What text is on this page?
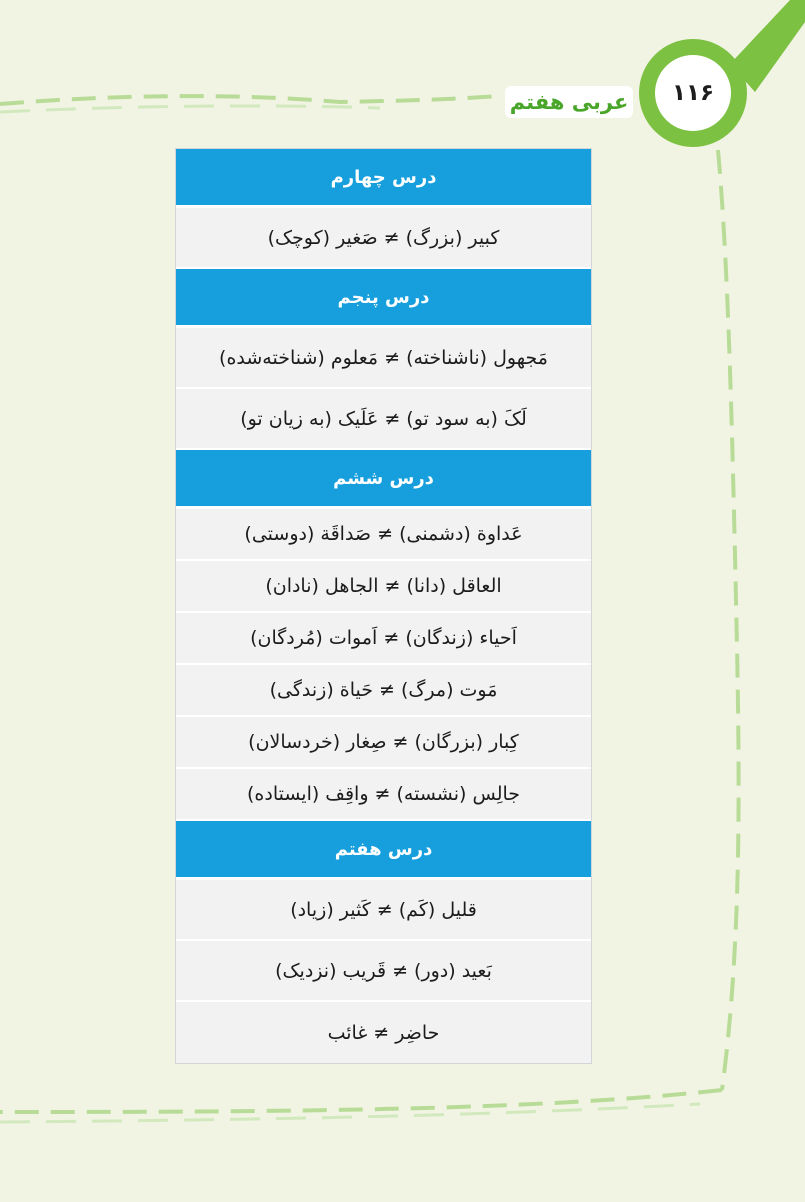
عربی هفتم	۱۱۶
درس چهارم
کبیر (بزرگ) ≠ صَغیر (کوچک)
درس پنجم
مَجهول (ناشناخته) ≠ مَعلوم (شناخته‌شده)
لَکَ (به سود تو) ≠ عَلَیک (به زیان تو)
درس ششم
عَداوة (دشمنی) ≠ صَداقَة (دوستی)
العاقل (دانا) ≠ الجاهل (نادان)
اَحیاء (زندگان) ≠ اَموات (مُردگان)
مَوت (مرگ) ≠ حَیاة (زندگی)
کِبار (بزرگان) ≠ صِغار (خردسالان)
جالِس (نشسته) ≠ واقِف (ایستاده)
درس هفتم
قلیل (کَم) ≠ کَثیر (زیاد)
بَعید (دور) ≠ قَریب (نزدیک)
حاضِر ≠ غائب
